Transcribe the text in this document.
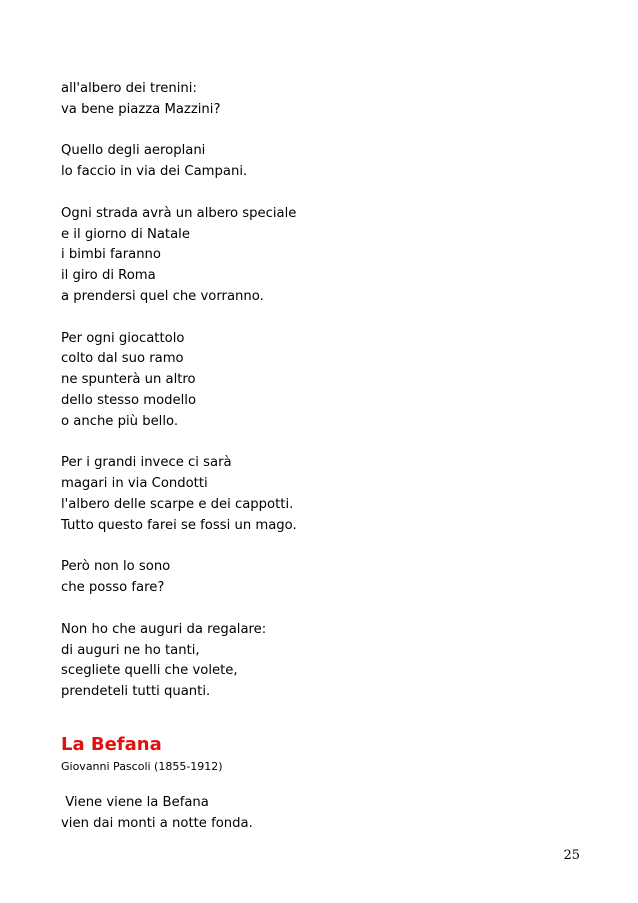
all'albero dei trenini:
va bene piazza Mazzini?
Quello degli aeroplani
lo faccio in via dei Campani.
Ogni strada avrà un albero speciale
e il giorno di Natale
i bimbi faranno
il giro di Roma
a prendersi quel che vorranno.
Per ogni giocattolo
colto dal suo ramo
ne spunterà un altro
dello stesso modello
o anche più bello.
Per i grandi invece ci sarà
magari in via Condotti
l'albero delle scarpe e dei cappotti.
Tutto questo farei se fossi un mago.
Però non lo sono
che posso fare?
Non ho che auguri da regalare:
di auguri ne ho tanti,
scegliete quelli che volete,
prendeteli tutti quanti.
La Befana
Giovanni Pascoli (1855-1912)
Viene viene la Befana
vien dai monti a notte fonda.
25
